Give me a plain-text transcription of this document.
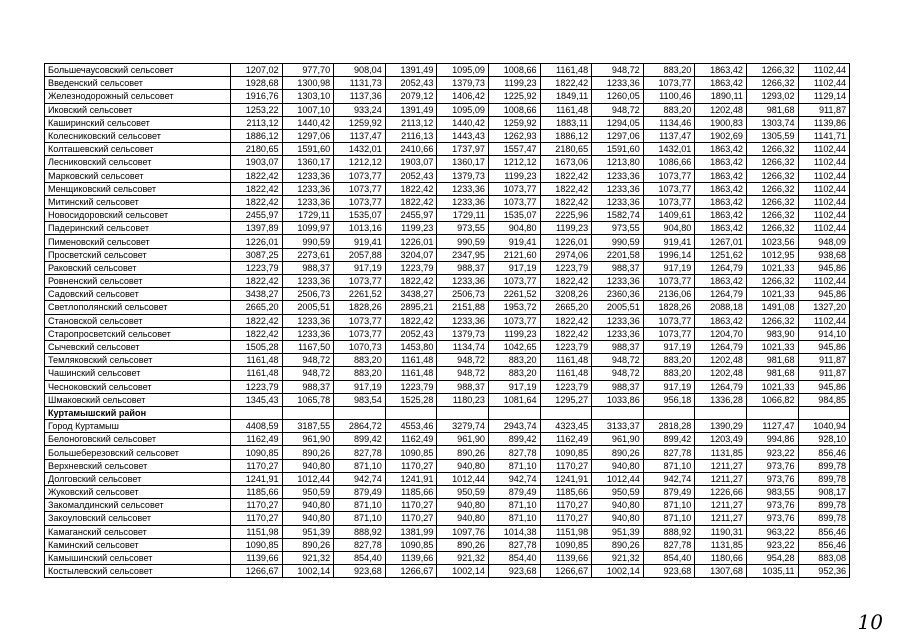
Большечаусовский сельсовет	1207,02	977,70	908,04	1391,49	1095,09	1008,66	1161,48	948,72	883,20	1863,42	1266,32	1102,44
Введенский сельсовет	1928,68	1300,98	1131,73	2052,43	1379,73	1199,23	1822,42	1233,36	1073,77	1863,42	1266,32	1102,44
Железнодорожный сельсовет	1916,76	1303,10	1137,36	2079,12	1406,42	1225,92	1849,11	1260,05	1100,46	1890,11	1293,02	1129,14
Иковский сельсовет	1253,22	1007,10	933,24	1391,49	1095,09	1008,66	1161,48	948,72	883,20	1202,48	981,68	911,87
Каширинский сельсовет	2113,12	1440,42	1259,92	2113,12	1440,42	1259,92	1883,11	1294,05	1134,46	1900,83	1303,74	1139,86
Колесниковский сельсовет	1886,12	1297,06	1137,47	2116,13	1443,43	1262,93	1886,12	1297,06	1137,47	1902,69	1305,59	1141,71
Колташевский сельсовет	2180,65	1591,60	1432,01	2410,66	1737,97	1557,47	2180,65	1591,60	1432,01	1863,42	1266,32	1102,44
Лесниковский сельсовет	1903,07	1360,17	1212,12	1903,07	1360,17	1212,12	1673,06	1213,80	1086,66	1863,42	1266,32	1102,44
Марковский сельсовет	1822,42	1233,36	1073,77	2052,43	1379,73	1199,23	1822,42	1233,36	1073,77	1863,42	1266,32	1102,44
Менщиковский сельсовет	1822,42	1233,36	1073,77	1822,42	1233,36	1073,77	1822,42	1233,36	1073,77	1863,42	1266,32	1102,44
Митинский сельсовет	1822,42	1233,36	1073,77	1822,42	1233,36	1073,77	1822,42	1233,36	1073,77	1863,42	1266,32	1102,44
Новосидоровский сельсовет	2455,97	1729,11	1535,07	2455,97	1729,11	1535,07	2225,96	1582,74	1409,61	1863,42	1266,32	1102,44
Падеринский сельсовет	1397,89	1099,97	1013,16	1199,23	973,55	904,80	1199,23	973,55	904,80	1863,42	1266,32	1102,44
Пименовский сельсовет	1226,01	990,59	919,41	1226,01	990,59	919,41	1226,01	990,59	919,41	1267,01	1023,56	948,09
Просветский сельсовет	3087,25	2273,61	2057,88	3204,07	2347,95	2121,60	2974,06	2201,58	1996,14	1251,62	1012,95	938,68
Раковский сельсовет	1223,79	988,37	917,19	1223,79	988,37	917,19	1223,79	988,37	917,19	1264,79	1021,33	945,86
Ровненский сельсовет	1822,42	1233,36	1073,77	1822,42	1233,36	1073,77	1822,42	1233,36	1073,77	1863,42	1266,32	1102,44
Садовский сельсовет	3438,27	2506,73	2261,52	3438,27	2506,73	2261,52	3208,26	2360,36	2136,06	1264,79	1021,33	945,86
Светлополянский сельсовет	2665,20	2005,51	1828,26	2895,21	2151,88	1953,72	2665,20	2005,51	1828,26	2088,18	1491,08	1327,20
Становской сельсовет	1822,42	1233,36	1073,77	1822,42	1233,36	1073,77	1822,42	1233,36	1073,77	1863,42	1266,32	1102,44
Старопросветский сельсовет	1822,42	1233,36	1073,77	2052,43	1379,73	1199,23	1822,42	1233,36	1073,77	1204,70	983,90	914,10
Сычевский сельсовет	1505,28	1167,50	1070,73	1453,80	1134,74	1042,65	1223,79	988,37	917,19	1264,79	1021,33	945,86
Темляковский сельсовет	1161,48	948,72	883,20	1161,48	948,72	883,20	1161,48	948,72	883,20	1202,48	981,68	911,87
Чашинский сельсовет	1161,48	948,72	883,20	1161,48	948,72	883,20	1161,48	948,72	883,20	1202,48	981,68	911,87
Чесноковский сельсовет	1223,79	988,37	917,19	1223,79	988,37	917,19	1223,79	988,37	917,19	1264,79	1021,33	945,86
Шмаковский сельсовет	1345,43	1065,78	983,54	1525,28	1180,23	1081,64	1295,27	1033,86	956,18	1336,28	1066,82	984,85
Куртамышский район												
Город Куртамыш	4408,59	3187,55	2864,72	4553,46	3279,74	2943,74	4323,45	3133,37	2818,28	1390,29	1127,47	1040,94
Белоноговский сельсовет	1162,49	961,90	899,42	1162,49	961,90	899,42	1162,49	961,90	899,42	1203,49	994,86	928,10
Большеберезовский сельсовет	1090,85	890,26	827,78	1090,85	890,26	827,78	1090,85	890,26	827,78	1131,85	923,22	856,46
Верхневский сельсовет	1170,27	940,80	871,10	1170,27	940,80	871,10	1170,27	940,80	871,10	1211,27	973,76	899,78
Долговский сельсовет	1241,91	1012,44	942,74	1241,91	1012,44	942,74	1241,91	1012,44	942,74	1211,27	973,76	899,78
Жуковский сельсовет	1185,66	950,59	879,49	1185,66	950,59	879,49	1185,66	950,59	879,49	1226,66	983,55	908,17
Закомалдинский сельсовет	1170,27	940,80	871,10	1170,27	940,80	871,10	1170,27	940,80	871,10	1211,27	973,76	899,78
Закоуловский сельсовет	1170,27	940,80	871,10	1170,27	940,80	871,10	1170,27	940,80	871,10	1211,27	973,76	899,78
Камаганский сельсовет	1151,98	951,39	888,92	1381,99	1097,76	1014,38	1151,98	951,39	888,92	1190,31	963,22	856,46
Каминский сельсовет	1090,85	890,26	827,78	1090,85	890,26	827,78	1090,85	890,26	827,78	1131,85	923,22	856,46
Камышинский сельсовет	1139,66	921,32	854,40	1139,66	921,32	854,40	1139,66	921,32	854,40	1180,66	954,28	883,08
Костылевский сельсовет	1266,67	1002,14	923,68	1266,67	1002,14	923,68	1266,67	1002,14	923,68	1307,68	1035,11	952,36
10
